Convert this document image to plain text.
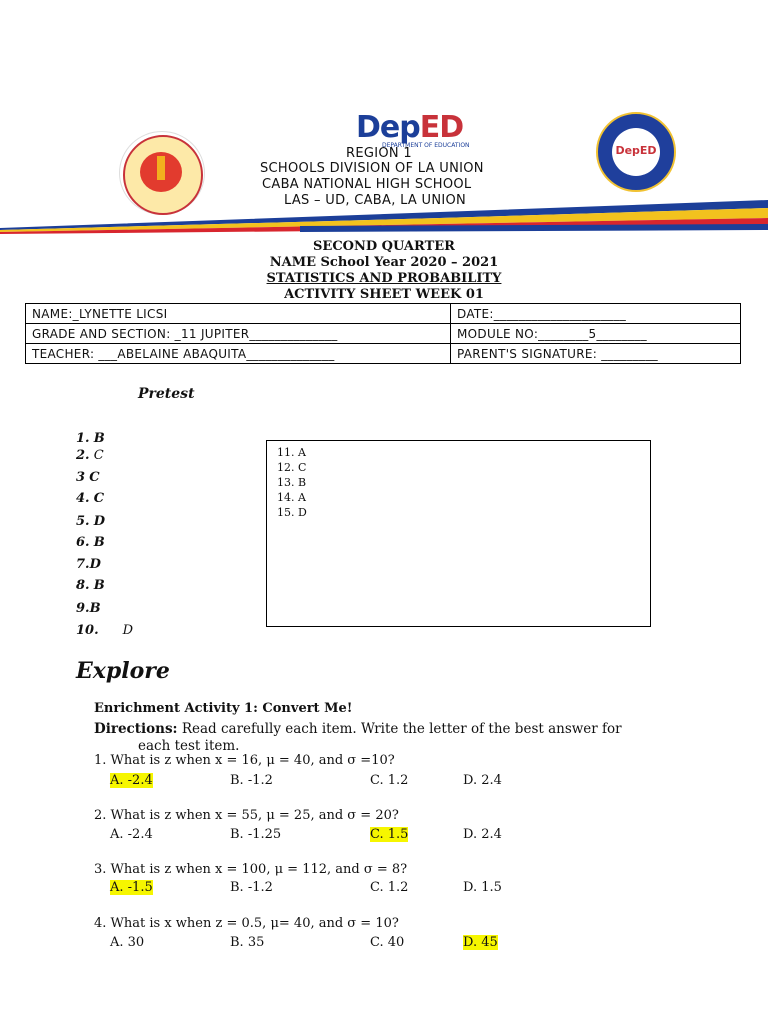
DepED
DEPARTMENT OF EDUCATION	DepED
REGION 1
SCHOOLS DIVISION OF LA UNION
CABA NATIONAL HIGH SCHOOL
LAS – UD, CABA, LA UNION
SECOND QUARTER
NAME School Year 2020 – 2021
STATISTICS AND PROBABILITY
ACTIVITY SHEET WEEK 01
NAME:_LYNETTE LICSI	DATE:_____________________
GRADE AND SECTION: _11 JUPITER______________	MODULE NO:________5________
TEACHER: ___ABELAINE ABAQUITA______________	PARENT'S SIGNATURE: _________
Pretest
1. B
2. C
3 C
4. C
5. D
6. B
7.D
8. B
9.B
10. D
11. A
12. C
13. B
14. A
15. D
Explore
Enrichment Activity 1: Convert Me!
Directions: Read carefully each item. Write the letter of the best answer for
each test item.
1. What is z when x = 16, μ = 40, and σ =10?
A. -2.4	B. -1.2	C. 1.2	D. 2.4
2. What is z when x = 55, μ = 25, and σ = 20?
A. -2.4	B. -1.25	C. 1.5	D. 2.4
3. What is z when x = 100, μ = 112, and σ = 8?
A. -1.5	B. -1.2	C. 1.2	D. 1.5
4. What is x when z = 0.5, μ= 40, and σ = 10?
A. 30	B. 35	C. 40	D. 45
